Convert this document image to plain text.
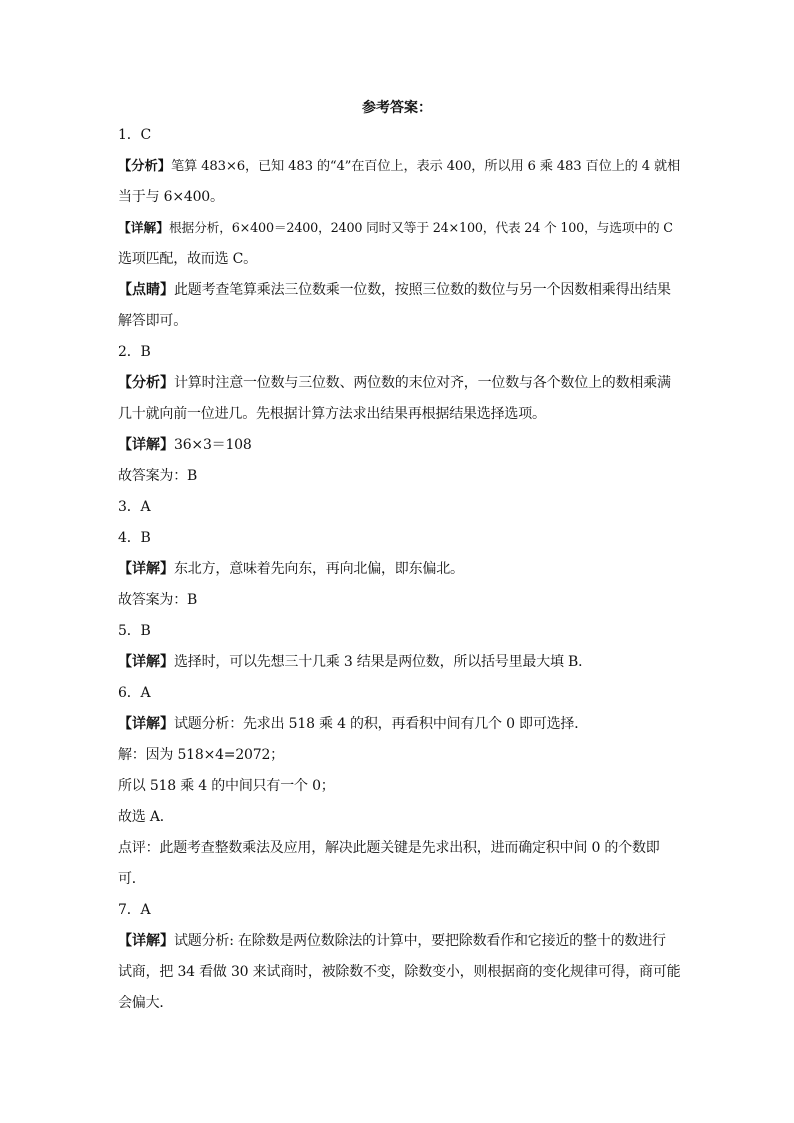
参考答案：
1．C
【分析】笔算 483×6，已知 483 的“4”在百位上，表示 400，所以用 6 乘 483 百位上的 4 就相
当于与 6×400。
【详解】根据分析，6×400＝2400，2400 同时又等于 24×100，代表 24 个 100，与选项中的 C
选项匹配，故而选 C。
【点睛】此题考查笔算乘法三位数乘一位数，按照三位数的数位与另一个因数相乘得出结果
解答即可。
2．B
【分析】计算时注意一位数与三位数、两位数的末位对齐，一位数与各个数位上的数相乘满
几十就向前一位进几。先根据计算方法求出结果再根据结果选择选项。
【详解】36×3＝108
故答案为：B
3．A
4．B
【详解】东北方，意味着先向东，再向北偏，即东偏北。
故答案为：B
5．B
【详解】选择时，可以先想三十几乘 3 结果是两位数，所以括号里最大填 B．
6．A
【详解】试题分析：先求出 518 乘 4 的积，再看积中间有几个 0 即可选择．
解：因为 518×4=2072；
所以 518 乘 4 的中间只有一个 0；
故选 A．
点评：此题考查整数乘法及应用，解决此题关键是先求出积，进而确定积中间 0 的个数即
可．
7．A
【详解】试题分析: 在除数是两位数除法的计算中，要把除数看作和它接近的整十的数进行
试商，把 34 看做 30 来试商时，被除数不变，除数变小，则根据商的变化规律可得，商可能
会偏大．
